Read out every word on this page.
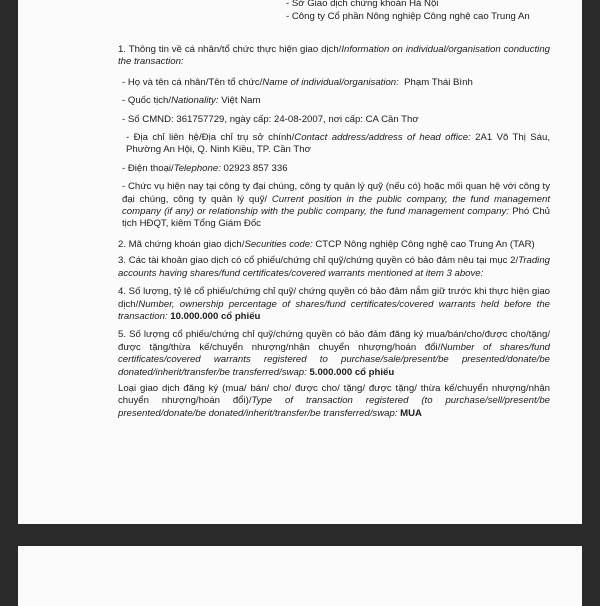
- Sở Giao dịch chứng khoán Hà Nội
- Công ty Cổ phần Nông nghiệp Công nghệ cao Trung An

1. Thông tin về cá nhân/tổ chức thực hiện giao dịch/Information on individual/organisation conducting the transaction:

- Họ và tên cá nhân/Tên tổ chức/Name of individual/organisation: Phạm Thái Bình

- Quốc tịch/Nationality: Việt Nam

- Số CMND: 361757729, ngày cấp: 24-08-2007, nơi cấp: CA Cần Thơ

- Địa chỉ liên hệ/Địa chỉ trụ sở chính/Contact address/address of head office: 2A1 Võ Thị Sáu, Phường An Hội, Q. Ninh Kiều, TP. Cần Thơ

- Điện thoại/Telephone: 02923 857 336

- Chức vụ hiện nay tại công ty đại chúng, công ty quản lý quỹ (nếu có) hoặc mối quan hệ với công ty đại chúng, công ty quản lý quỹ/ Current position in the public company, the fund management company (if any) or relationship with the public company, the fund management company: Phó Chủ tịch HĐQT, kiêm Tổng Giám Đốc

2. Mã chứng khoán giao dịch/Securities code: CTCP Nông nghiệp Công nghệ cao Trung An (TAR)

3. Các tài khoản giao dịch có cổ phiếu/chứng chỉ quỹ/chứng quyền có bảo đảm nêu tại mục 2/Trading accounts having shares/fund certificates/covered warrants mentioned at item 3 above:

4. Số lượng, tỷ lệ cổ phiếu/chứng chỉ quỹ/ chứng quyền có bảo đảm nắm giữ trước khi thực hiện giao dịch/Number, ownership percentage of shares/fund certificates/covered warrants held before the transaction: 10.000.000 cổ phiếu

5. Số lượng cổ phiếu/chứng chỉ quỹ/chứng quyền có bảo đảm đăng ký mua/bán/cho/được cho/tặng/được tặng/thừa kế/chuyển nhượng/nhận chuyển nhượng/hoán đổi/Number of shares/fund certificates/covered warrants registered to purchase/sale/present/be presented/donate/be donated/inherit/transfer/be transferred/swap: 5.000.000 cổ phiếu

Loại giao dịch đăng ký (mua/ bán/ cho/ được cho/ tặng/ được tặng/ thừa kế/chuyển nhượng/nhận chuyển nhượng/hoán đổi)/Type of transaction registered (to purchase/sell/present/be presented/donate/be donated/inherit/transfer/be transferred/swap: MUA
